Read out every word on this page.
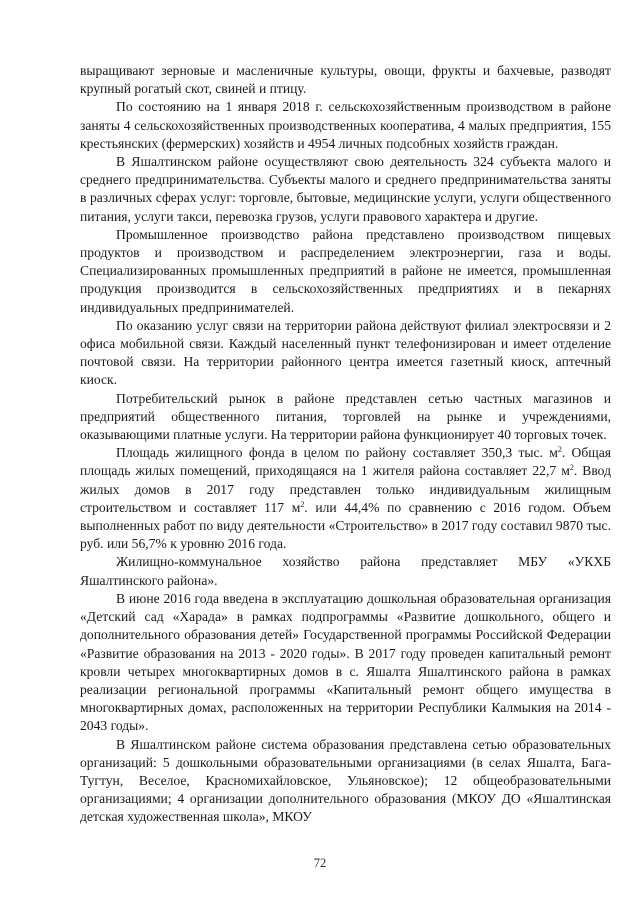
выращивают зерновые и масленичные культуры, овощи, фрукты и бахчевые, разводят крупный рогатый скот, свиней и птицу.

По состоянию на 1 января 2018 г. сельскохозяйственным производством в районе заняты 4 сельскохозяйственных производственных кооператива, 4 малых предприятия, 155 крестьянских (фермерских) хозяйств и 4954 личных подсобных хозяйств граждан.

В Яшалтинском районе осуществляют свою деятельность 324 субъекта малого и среднего предпринимательства. Субъекты малого и среднего предпринимательства заняты в различных сферах услуг: торговле, бытовые, медицинские услуги, услуги общественного питания, услуги такси, перевозка грузов, услуги правового характера и другие.

Промышленное производство района представлено производством пищевых продуктов и производством и распределением электроэнергии, газа и воды. Специализированных промышленных предприятий в районе не имеется, промышленная продукция производится в сельскохозяйственных предприятиях и в пекарнях индивидуальных предпринимателей.

По оказанию услуг связи на территории района действуют филиал электросвязи и 2 офиса мобильной связи. Каждый населенный пункт телефонизирован и имеет отделение почтовой связи. На территории районного центра имеется газетный киоск, аптечный киоск.

Потребительский рынок в районе представлен сетью частных магазинов и предприятий общественного питания, торговлей на рынке и учреждениями, оказывающими платные услуги. На территории района функционирует 40 торговых точек.

Площадь жилищного фонда в целом по району составляет 350,3 тыс. $м^2$. Общая площадь жилых помещений, приходящаяся на 1 жителя района составляет 22,7 $м^2$. Ввод жилых домов в 2017 году представлен только индивидуальным жилищным строительством и составляет 117 $м^2$. или 44,4% по сравнению с 2016 годом. Объем выполненных работ по виду деятельности «Строительство» в 2017 году составил 9870 тыс. руб. или 56,7% к уровню 2016 года.

Жилищно-коммунальное хозяйство района представляет МБУ «УКХБ Яшалтинского района».

В июне 2016 года введена в эксплуатацию дошкольная образовательная организация «Детский сад «Харада» в рамках подпрограммы «Развитие дошкольного, общего и дополнительного образования детей» Государственной программы Российской Федерации «Развитие образования на 2013 - 2020 годы». В 2017 году проведен капитальный ремонт кровли четырех многоквартирных домов в с. Яшалта Яшалтинского района в рамках реализации региональной программы «Капитальный ремонт общего имущества в многоквартирных домах, расположенных на территории Республики Калмыкия на 2014 - 2043 годы».

В Яшалтинском районе система образования представлена сетью образовательных организаций: 5 дошкольными образовательными организациями (в селах Яшалта, Бага-Тугтун, Веселое, Красномихайловское, Ульяновское); 12 общеобразовательными организациями; 4 организации дополнительного образования (МКОУ ДО «Яшалтинская детская художественная школа», МКОУ

72
